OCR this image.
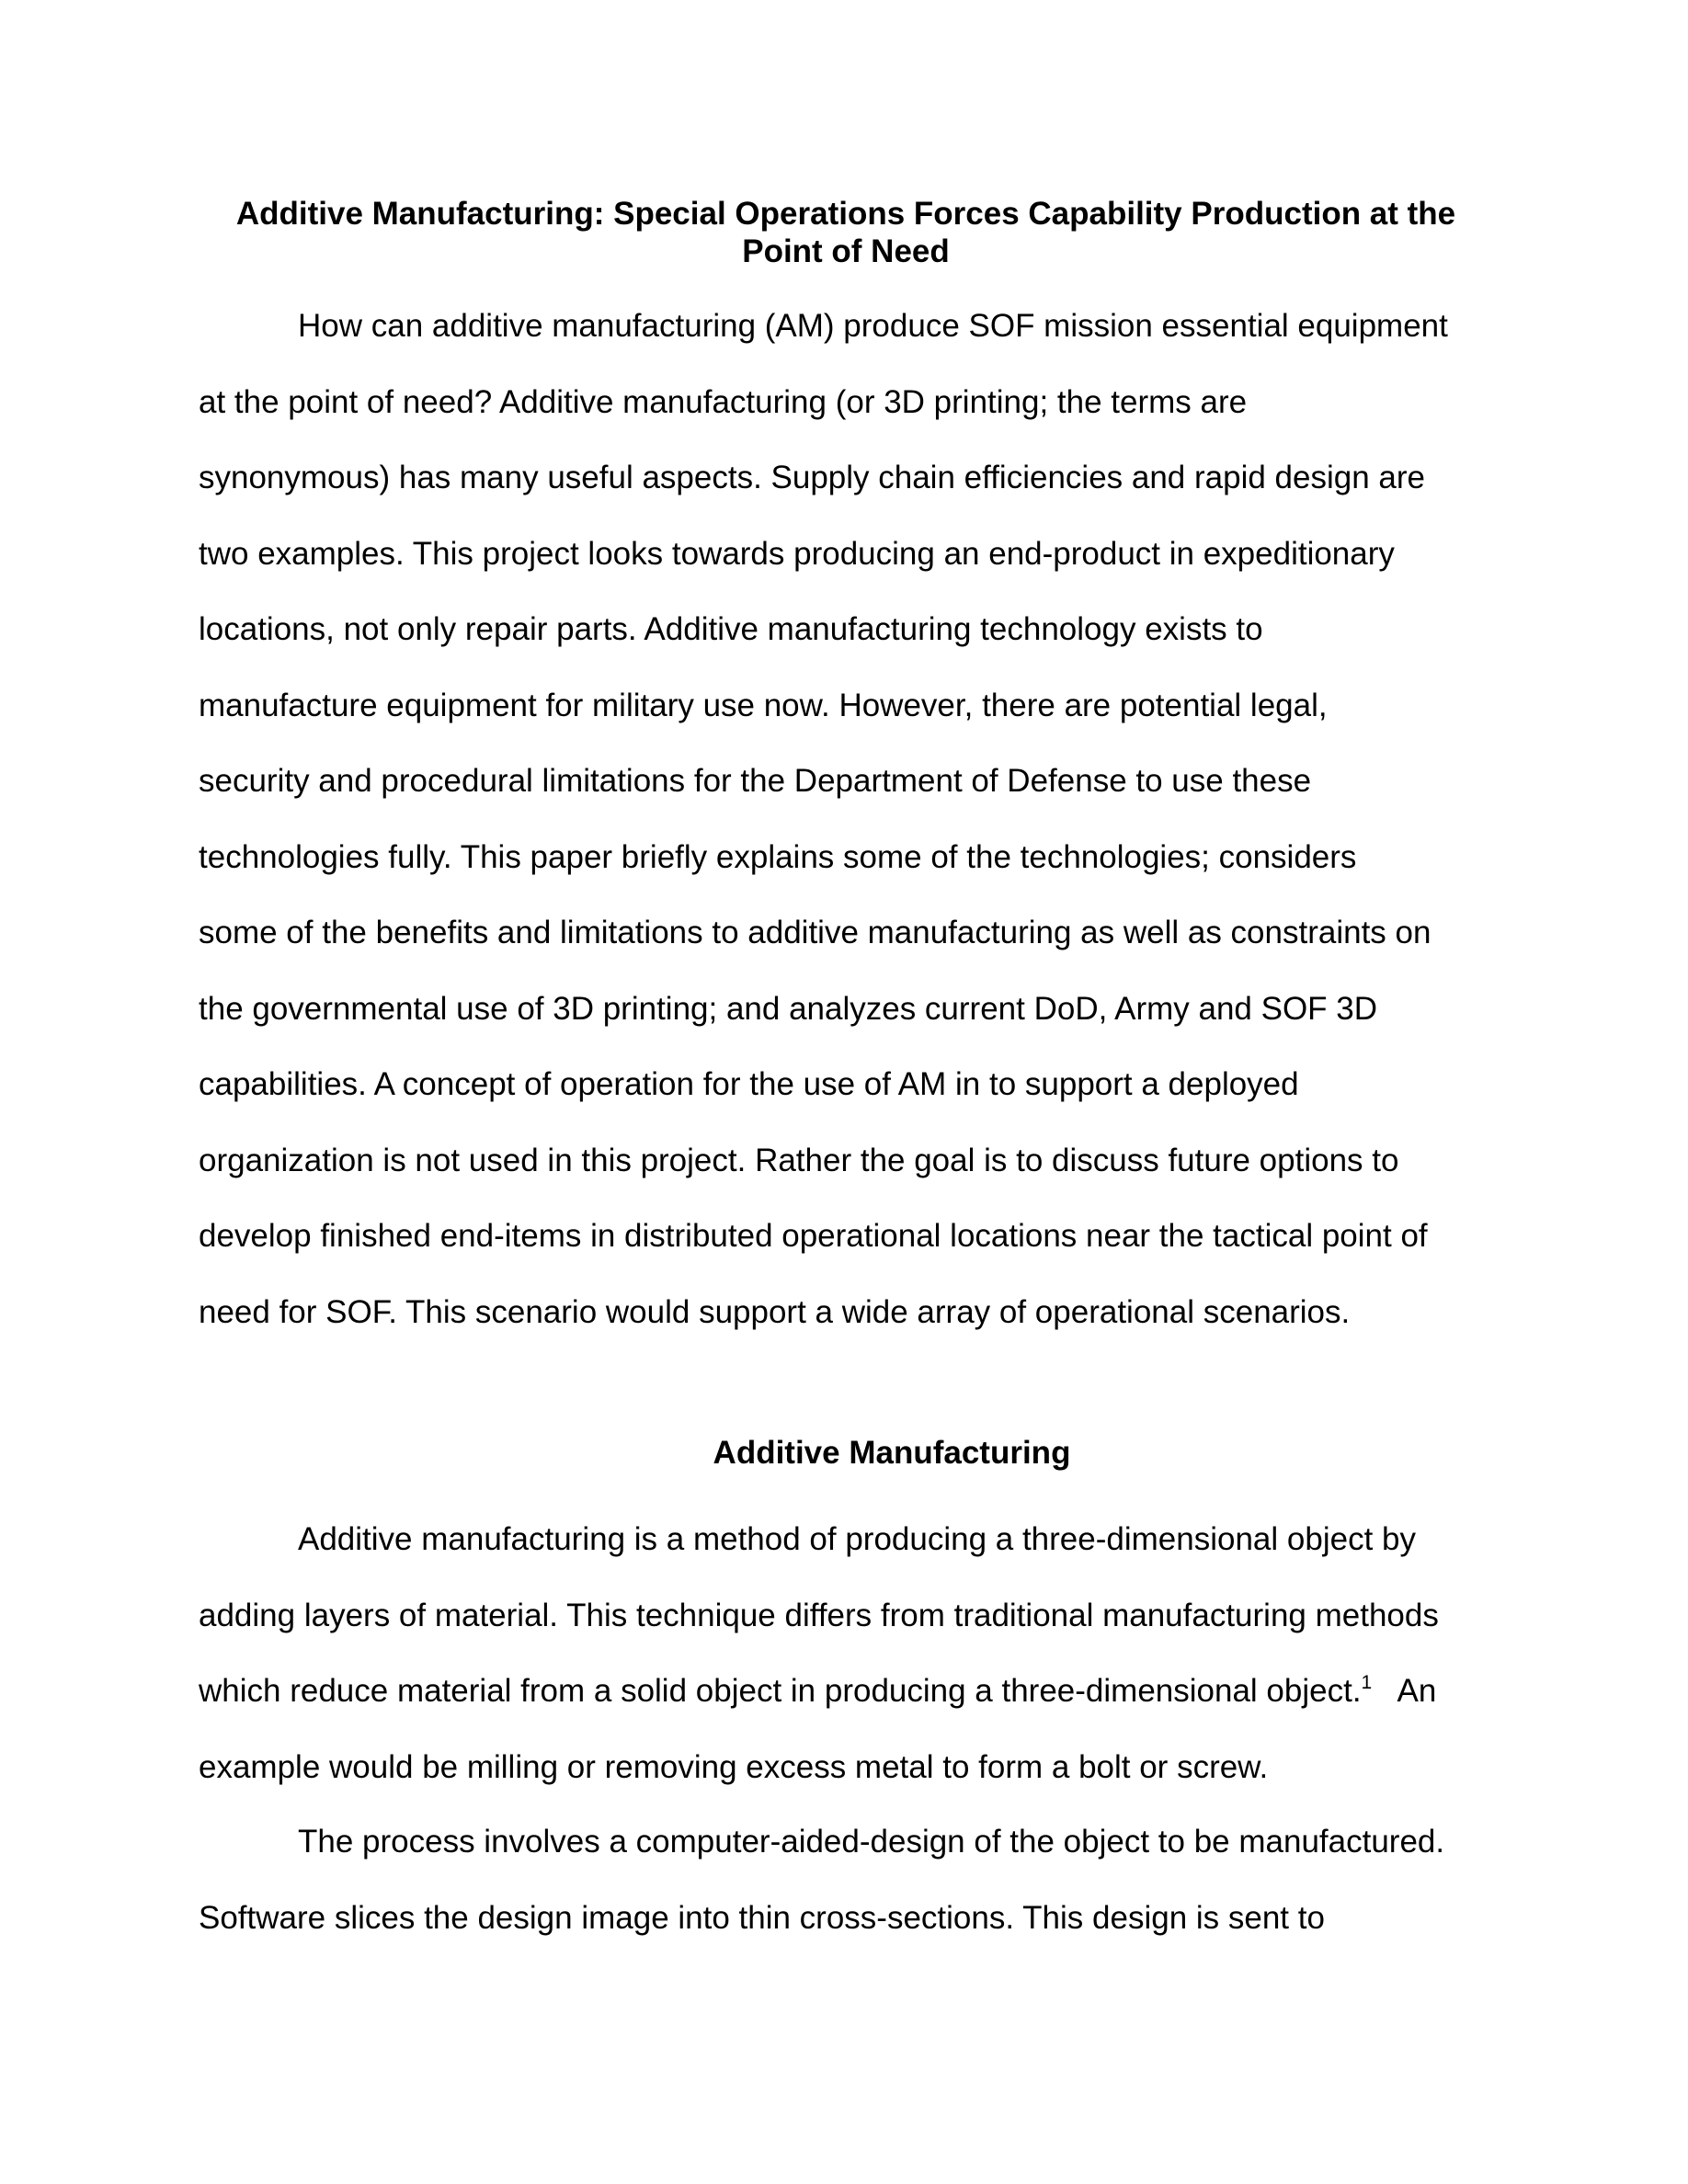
Additive Manufacturing: Special Operations Forces Capability Production at the
Point of Need
How can additive manufacturing (AM) produce SOF mission essential equipment
at the point of need? Additive manufacturing (or 3D printing; the terms are
synonymous) has many useful aspects. Supply chain efficiencies and rapid design are
two examples. This project looks towards producing an end-product in expeditionary
locations, not only repair parts. Additive manufacturing technology exists to
manufacture equipment for military use now. However, there are potential legal,
security and procedural limitations for the Department of Defense to use these
technologies fully. This paper briefly explains some of the technologies; considers
some of the benefits and limitations to additive manufacturing as well as constraints on
the governmental use of 3D printing; and analyzes current DoD, Army and SOF 3D
capabilities. A concept of operation for the use of AM in to support a deployed
organization is not used in this project. Rather the goal is to discuss future options to
develop finished end-items in distributed operational locations near the tactical point of
need for SOF. This scenario would support a wide array of operational scenarios.
Additive Manufacturing
Additive manufacturing is a method of producing a three-dimensional object by
adding layers of material. This technique differs from traditional manufacturing methods
which reduce material from a solid object in producing a three-dimensional object.$^1$   An
example would be milling or removing excess metal to form a bolt or screw.
The process involves a computer-aided-design of the object to be manufactured.
Software slices the design image into thin cross-sections. This design is sent to
